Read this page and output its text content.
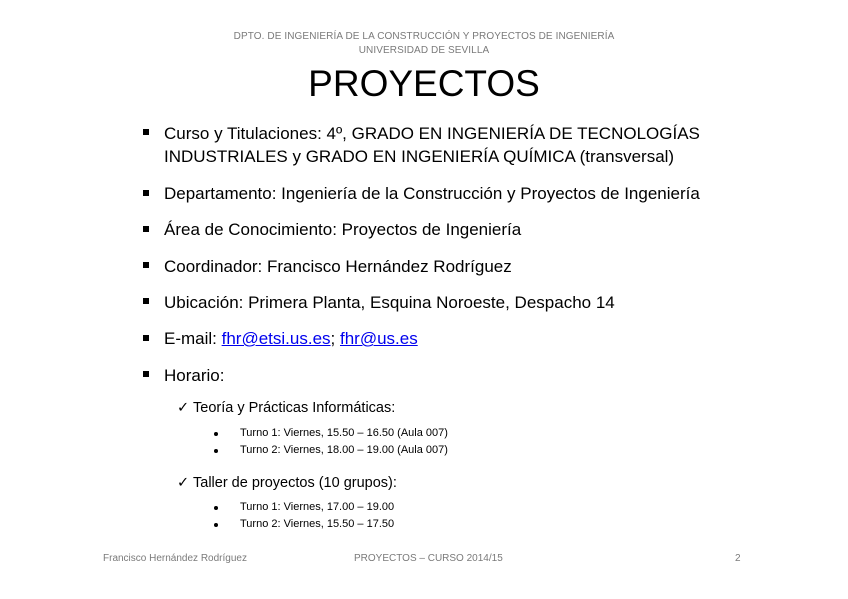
DPTO. DE INGENIERÍA DE LA CONSTRUCCIÓN Y PROYECTOS DE INGENIERÍA
UNIVERSIDAD DE SEVILLA
PROYECTOS
Curso y Titulaciones: 4º, GRADO EN INGENIERÍA DE TECNOLOGÍAS
INDUSTRIALES y GRADO EN INGENIERÍA QUÍMICA (transversal)
Departamento: Ingeniería de la Construcción y Proyectos de Ingeniería
Área de Conocimiento: Proyectos de Ingeniería
Coordinador: Francisco Hernández Rodríguez
Ubicación: Primera Planta, Esquina Noroeste, Despacho 14
E-mail: fhr@etsi.us.es; fhr@us.es
Horario:
✓ Teoría y Prácticas Informáticas:
Turno 1: Viernes, 15.50 – 16.50 (Aula 007)
Turno 2: Viernes, 18.00 – 19.00 (Aula 007)
✓ Taller de proyectos (10 grupos):
Turno 1: Viernes, 17.00 – 19.00
Turno 2: Viernes, 15.50 – 17.50
Francisco Hernández Rodríguez	PROYECTOS – CURSO 2014/15	2
